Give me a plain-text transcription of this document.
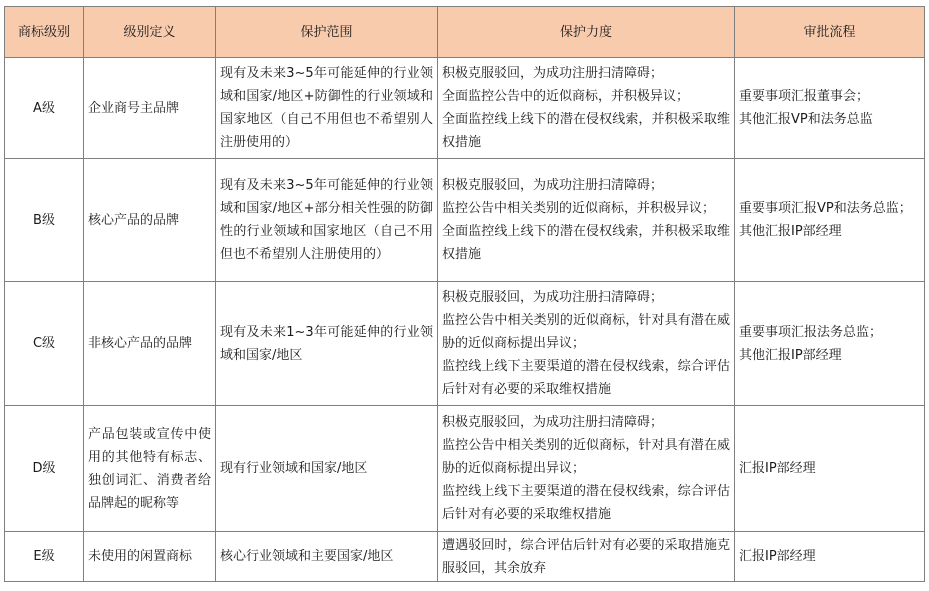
商标级别	级别定义	保护范围	保护力度	审批流程
A级	企业商号主品牌	现有及未来3~5年可能延伸的行业领域和国家/地区+防御性的行业领域和国家地区（自己不用但也不希望别人注册使用的）	积极克服驳回，为成功注册扫清障碍；
全面监控公告中的近似商标，并积极异议；
全面监控线上线下的潜在侵权线索，并积极采取维权措施	重要事项汇报董事会；
其他汇报VP和法务总监

B级	核心产品的品牌	现有及未来3~5年可能延伸的行业领域和国家/地区+部分相关性强的防御性的行业领域和国家地区（自己不用但也不希望别人注册使用的）	积极克服驳回，为成功注册扫清障碍；
监控公告中相关类别的近似商标，并积极异议；
全面监控线上线下的潜在侵权线索，并积极采取维权措施	重要事项汇报VP和法务总监；
其他汇报IP部经理

C级	非核心产品的品牌	现有及未来1~3年可能延伸的行业领域和国家/地区	积极克服驳回，为成功注册扫清障碍；
监控公告中相关类别的近似商标，针对具有潜在威胁的近似商标提出异议；
监控线上线下主要渠道的潜在侵权线索，综合评估后针对有必要的采取维权措施	重要事项汇报法务总监；
其他汇报IP部经理

D级	产品包装或宣传中使用的其他特有标志、独创词汇、消费者给品牌起的昵称等	现有行业领域和国家/地区	积极克服驳回，为成功注册扫清障碍；
监控公告中相关类别的近似商标，针对具有潜在威胁的近似商标提出异议；
监控线上线下主要渠道的潜在侵权线索，综合评估后针对有必要的采取维权措施	汇报IP部经理

E级	未使用的闲置商标	核心行业领域和主要国家/地区	遭遇驳回时，综合评估后针对有必要的采取措施克服驳回，其余放弃	汇报IP部经理
